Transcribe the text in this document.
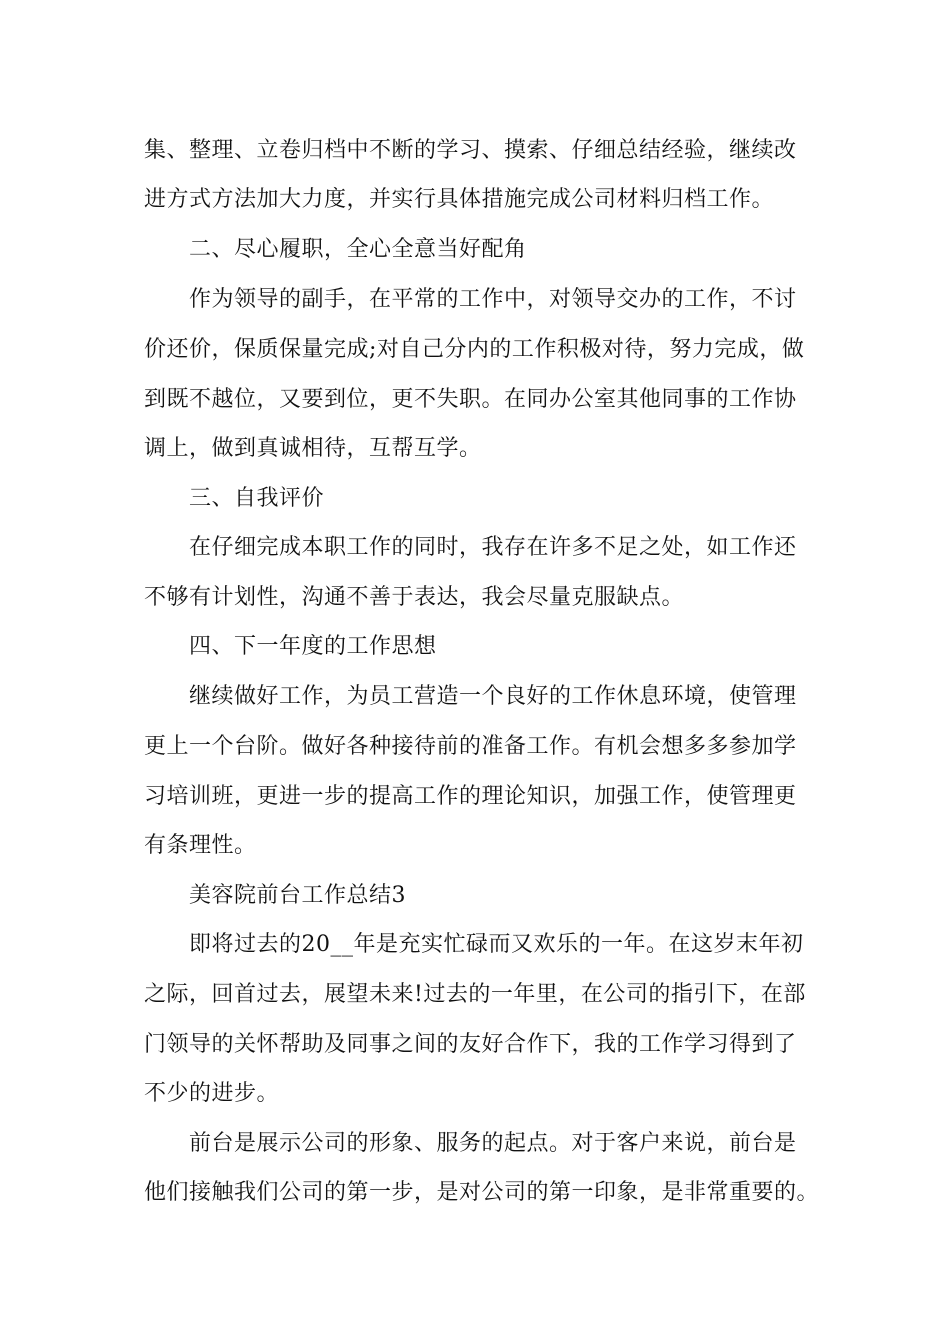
集、整理、立卷归档中不断的学习、摸索、仔细总结经验，继续改
进方式方法加大力度，并实行具体措施完成公司材料归档工作。
二、尽心履职，全心全意当好配角
作为领导的副手，在平常的工作中，对领导交办的工作，不讨
价还价，保质保量完成;对自己分内的工作积极对待，努力完成，做
到既不越位，又要到位，更不失职。在同办公室其他同事的工作协
调上，做到真诚相待，互帮互学。
三、自我评价
在仔细完成本职工作的同时，我存在许多不足之处，如工作还
不够有计划性，沟通不善于表达，我会尽量克服缺点。
四、下一年度的工作思想
继续做好工作，为员工营造一个良好的工作休息环境，使管理
更上一个台阶。做好各种接待前的准备工作。有机会想多多参加学
习培训班，更进一步的提高工作的理论知识，加强工作，使管理更
有条理性。
美容院前台工作总结3
即将过去的20__年是充实忙碌而又欢乐的一年。在这岁末年初
之际，回首过去，展望未来!过去的一年里，在公司的指引下，在部
门领导的关怀帮助及同事之间的友好合作下，我的工作学习得到了
不少的进步。
前台是展示公司的形象、服务的起点。对于客户来说，前台是
他们接触我们公司的第一步，是对公司的第一印象，是非常重要的。
